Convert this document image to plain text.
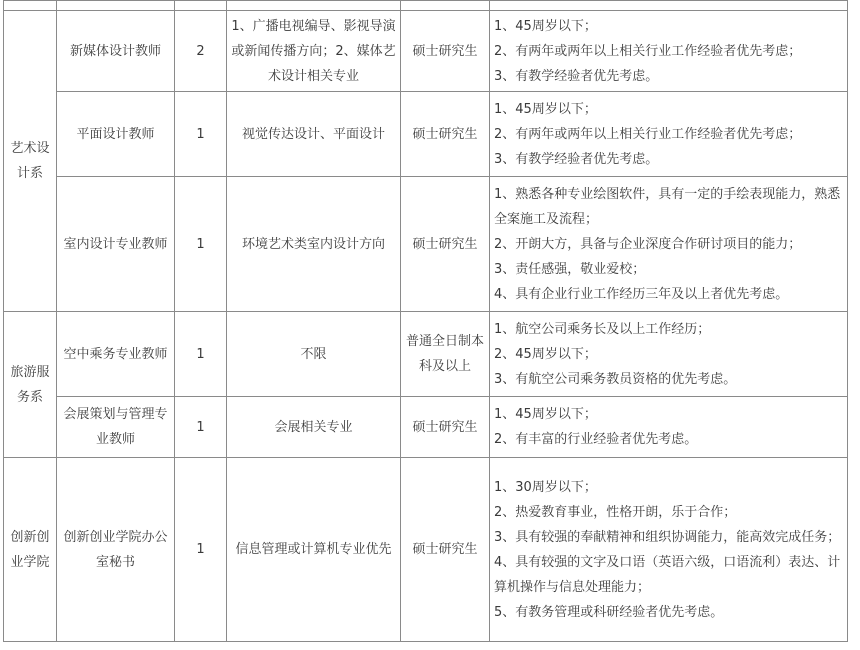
艺术设计系	新媒体设计教师	2	1、广播电视编导、影视导演或新闻传播方向；2、媒体艺术设计相关专业	硕士研究生	1、45周岁以下；
2、有两年或两年以上相关行业工作经验者优先考虑；
3、有教学经验者优先考虑。

	平面设计教师	1	视觉传达设计、平面设计	硕士研究生	1、45周岁以下；
2、有两年或两年以上相关行业工作经验者优先考虑；
3、有教学经验者优先考虑。

	室内设计专业教师	1	环境艺术类室内设计方向	硕士研究生	1、熟悉各种专业绘图软件，具有一定的手绘表现能力，熟悉全案施工及流程；
2、开朗大方，具备与企业深度合作研讨项目的能力；
3、责任感强，敬业爱校；
4、具有企业行业工作经历三年及以上者优先考虑。

旅游服务系	空中乘务专业教师	1	不限	普通全日制本科及以上	1、航空公司乘务长及以上工作经历；
2、45周岁以下；
3、有航空公司乘务教员资格的优先考虑。

	会展策划与管理专业教师	1	会展相关专业	硕士研究生	1、45周岁以下；
2、有丰富的行业经验者优先考虑。

创新创业学院	创新创业学院办公室秘书	1	信息管理或计算机专业优先	硕士研究生	1、30周岁以下；
2、热爱教育事业，性格开朗，乐于合作；
3、具有较强的奉献精神和组织协调能力，能高效完成任务；
4、具有较强的文字及口语（英语六级，口语流利）表达、计算机操作与信息处理能力；
5、有教务管理或科研经验者优先考虑。
